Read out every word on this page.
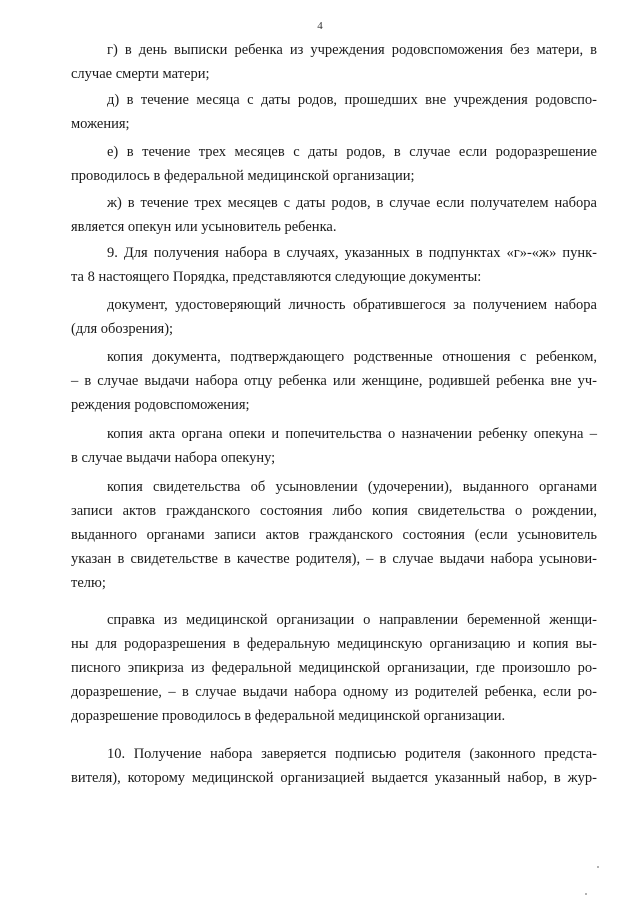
4
г) в день выписки ребенка из учреждения родовспоможения без матери, в
случае смерти матери;
д) в течение месяца с даты родов, прошедших вне учреждения родовспо-
можения;
е) в течение трех месяцев с даты родов, в случае если родоразрешение
проводилось в федеральной медицинской организации;
ж) в течение трех месяцев с даты родов, в случае если получателем набора
является опекун или усыновитель ребенка.
9. Для получения набора в случаях, указанных в подпунктах «г»-«ж» пунк-
та 8 настоящего Порядка, представляются следующие документы:
документ, удостоверяющий личность обратившегося за получением набора
(для обозрения);
копия документа, подтверждающего родственные отношения с ребенком,
– в случае выдачи набора отцу ребенка или женщине, родившей ребенка вне уч-
реждения родовспоможения;
копия акта органа опеки и попечительства о назначении ребенку опекуна –
в случае выдачи набора опекуну;
копия свидетельства об усыновлении (удочерении), выданного органами
записи актов гражданского состояния либо копия свидетельства о рождении,
выданного органами записи актов гражданского состояния (если усыновитель
указан в свидетельстве в качестве родителя), – в случае выдачи набора усынови-
телю;
справка из медицинской организации о направлении беременной женщи-
ны для родоразрешения в федеральную медицинскую организацию и копия вы-
писного эпикриза из федеральной медицинской организации, где произошло ро-
доразрешение, – в случае выдачи набора одному из родителей ребенка, если ро-
доразрешение проводилось в федеральной медицинской организации.
10. Получение набора заверяется подписью родителя (законного предста-
вителя), которому медицинской организацией выдается указанный набор, в жур-
